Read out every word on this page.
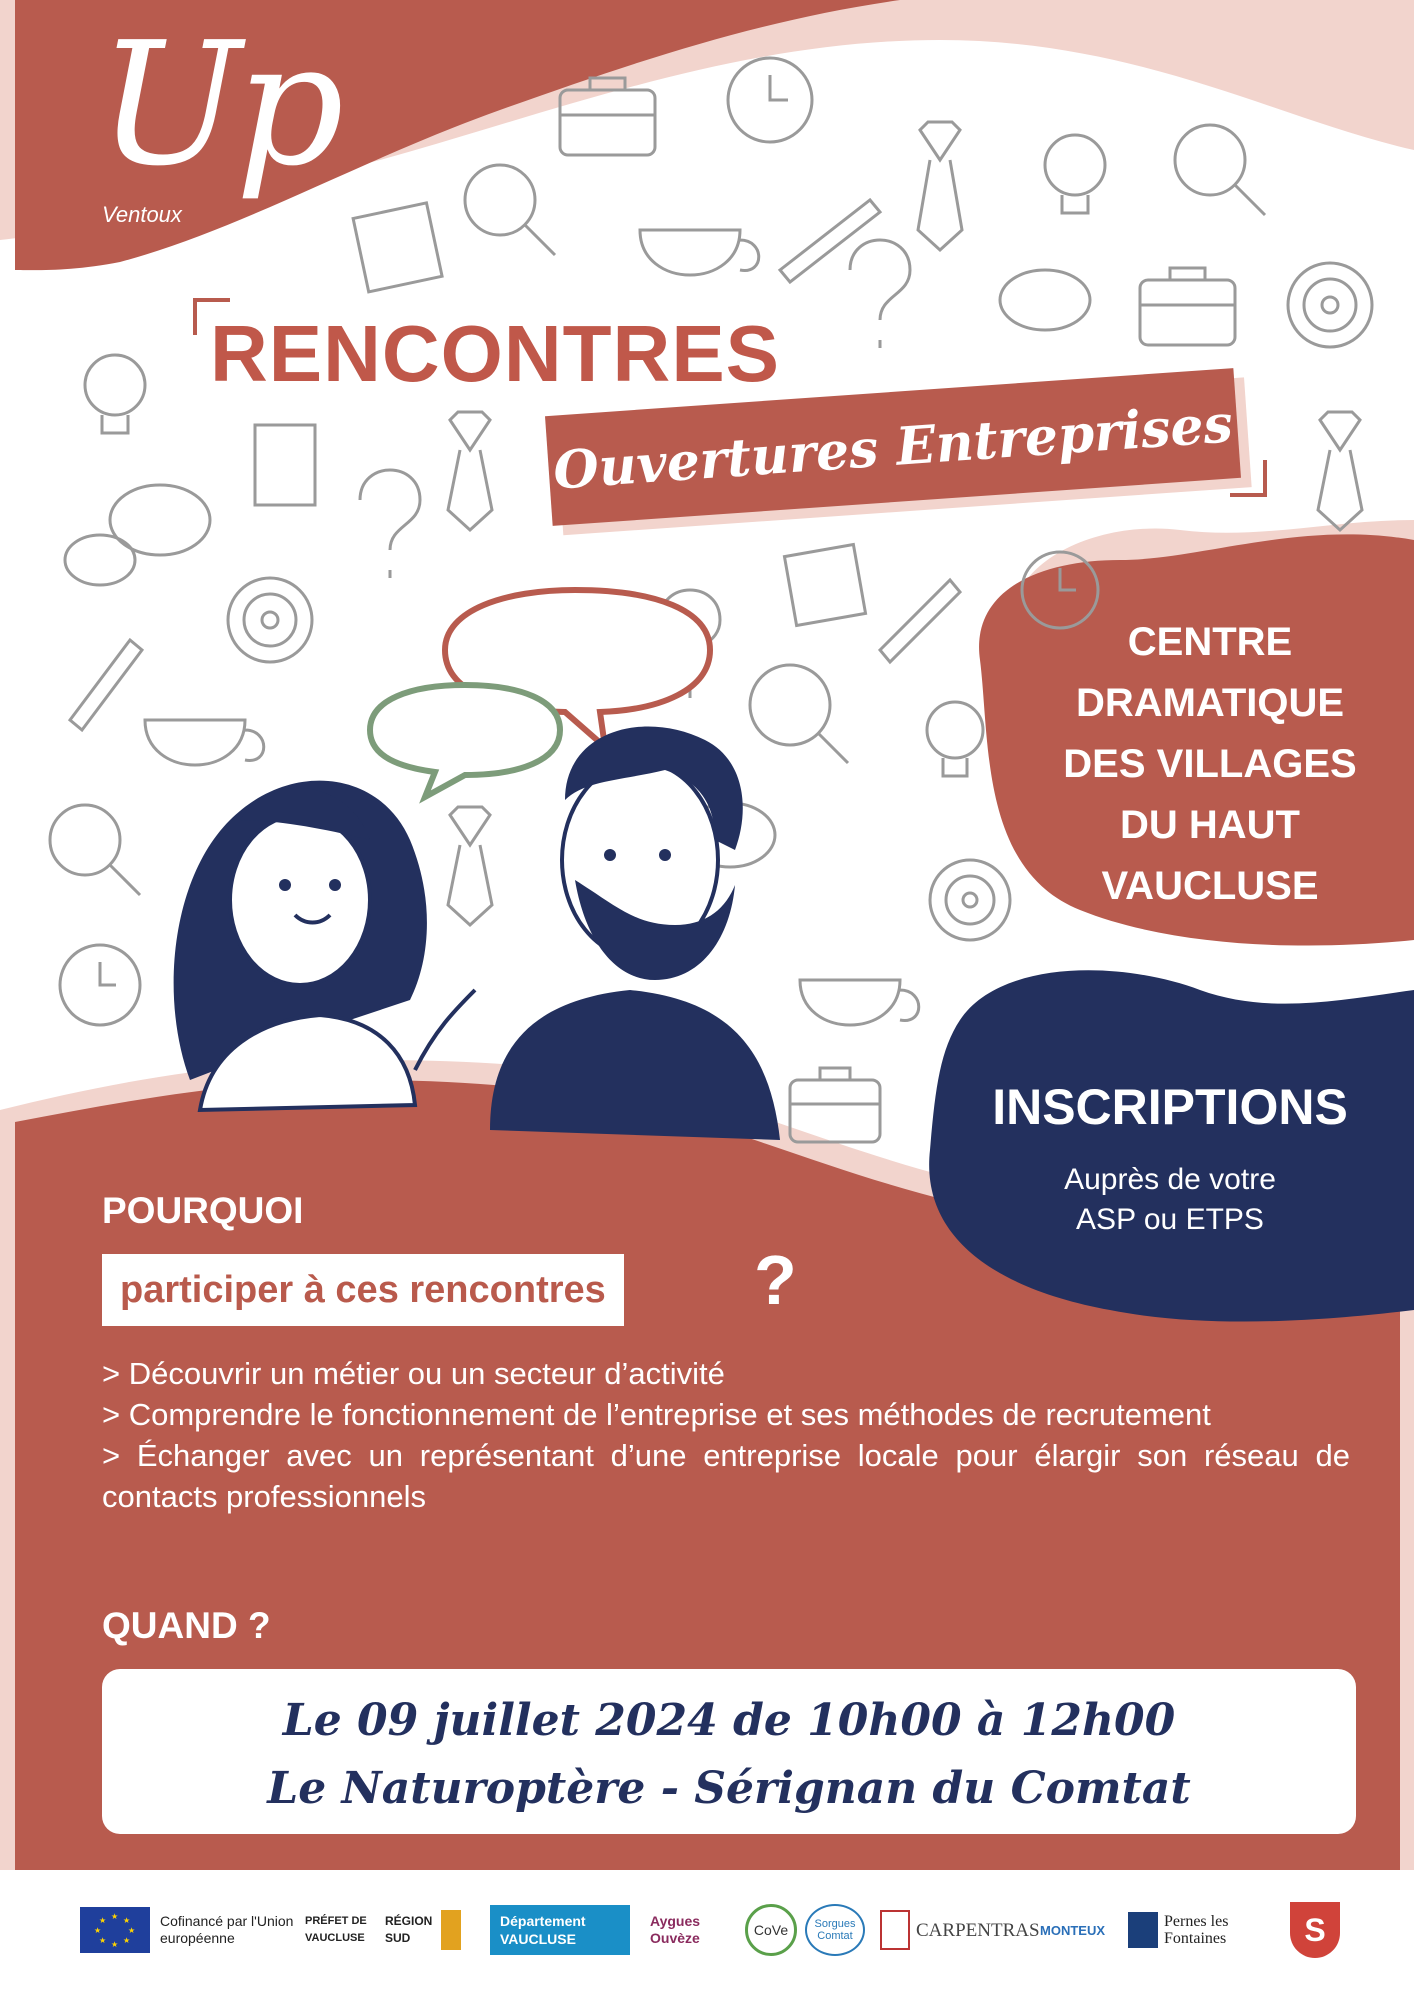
Up
Ventoux
RENCONTRES
Ouvertures Entreprises
CENTRE
DRAMATIQUE
DES VILLAGES
DU HAUT
VAUCLUSE
INSCRIPTIONS
Auprès de votre
ASP ou ETPS
POURQUOI
participer à ces rencontres ?
> Découvrir un métier ou un secteur d’activité
> Comprendre le fonctionnement de l’entreprise et ses méthodes de recrutement
> Échanger avec un représentant d’une entreprise locale pour élargir son réseau de contacts professionnels
QUAND ?
Le 09 juillet 2024 de 10h00 à 12h00
Le Naturoptère - Sérignan du Comtat
★ ★
★
★
★
★
★
★	Cofinancé par l'Union européenne
PRÉFET DE VAUCLUSE
RÉGION SUD
Département VAUCLUSE
Aygues Ouvèze	CoVe	Sorgues Comtat	CARPENTRAS MONTEUX	Pernes les Fontaines	S
